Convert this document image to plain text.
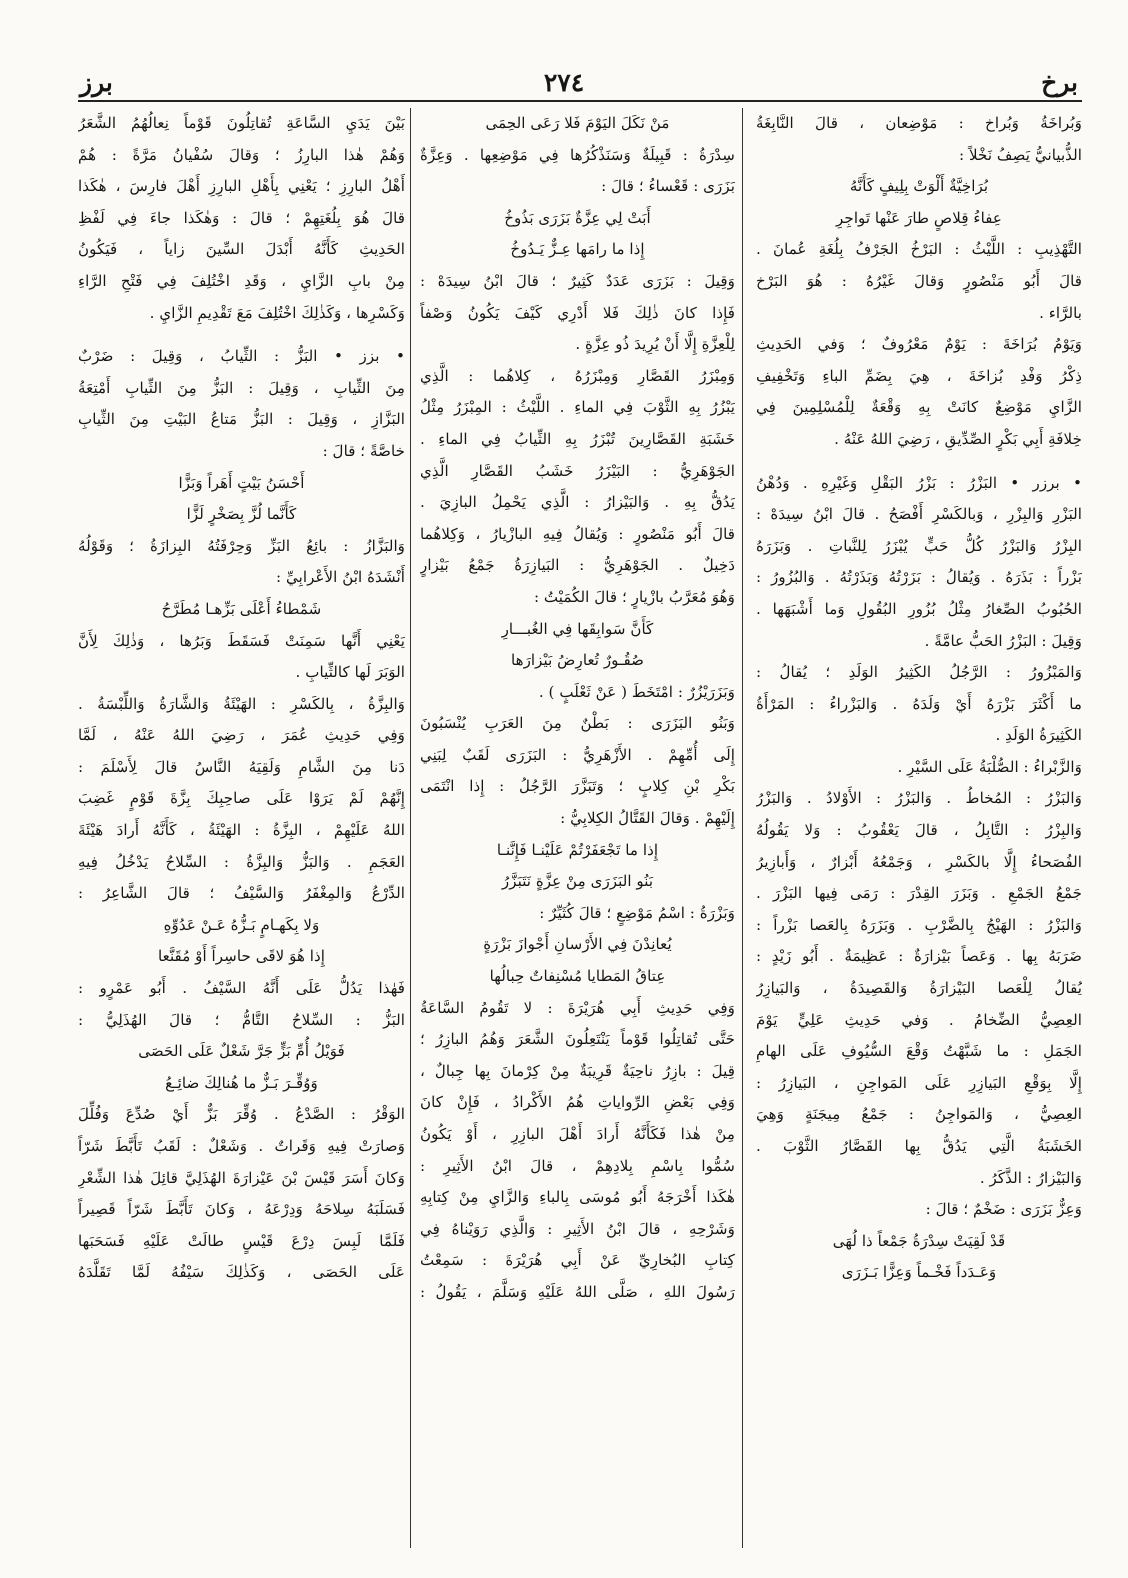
برخ
٢٧٤
برز
وَبُراخَةُ وَبُراخ : مَوْضِعان ، قالَ النَّابِغَةُ
الذُّبيانيُّ يَصِفُ نَخْلاً :
بُرَاخِيَّةٌ أَلْوَتْ بِلِيفٍ كَأَنَّهُ
عِفاءُ قِلاصٍ طارَ عَنْها تَواجِرِ
التَّهْذِيبِ : اللَّيْثُ : البَرْخُ الجَرْفُ بِلُغَةِ عُمانَ .
قالَ أَبُو مَنْصُورٍ وَقالَ غَيْرُهُ : هُوَ البَرْخ
بالرَّاء .
وَيَوْمُ بُرَاخَةَ : يَوْمٌ مَعْرُوفٌ ؛ وَفي الحَدِيثِ
ذِكْرُ وَفْدِ بُزاخَةَ ، هِيَ بِضَمِّ الباءِ وَتَخْفِيفِ
الزَّايِ مَوْضِعٌ كانَتْ بِهِ وَقْعَةٌ لِلْمُسْلِمِينَ فِي
خِلافَةِ أَبِي بَكْرٍ الصِّدِّيقِ ، رَضِيَ اللهُ عَنْهُ .
• برزر • البَزْرُ : بَزْرُ البَقْلِ وَغَيْرِهِ . وَدُهْنُ
البَزْرِ وَالبِزْرِ ، وَبالكَسْرِ أَفْصَحُ . قالَ ابْنُ سِيدَهْ :
البِزْرُ وَالبَزْرُ كُلُّ حَبٍّ يُبْزَرُ لِلنَّباتِ . وَبَزَرَهُ
بَزْراً : بَذَرَهُ . وَيُقالُ : بَزَرْتُهُ وَبَذَرْتُهُ . وَالبُزُورُ :
الحُبُوبُ الصِّغارُ مِثْلُ بُزُورِ البُقُولِ وَما أَشْبَهَها .
وَقِيلَ : البَزْرُ الحَبُّ عامَّةً .
وَالمَبْزُورُ : الرَّجُلُ الكَثِيرُ الوَلَدِ ؛ يُقالُ :
ما أَكْثَرَ بَزْرَهُ أَيْ وَلَدَهُ . وَالبَزْراءُ : المَرْأَةُ
الكَثِيرَةُ الوَلَدِ .
وَالزَّبْراءُ : الصُّلْبَةُ عَلَى السَّيْرِ .
وَالبَزْرُ : المُخاطُ . وَالبَزْرُ : الأَوْلادُ . وَالبَزْرُ
وَالبِزْرُ : التَّابِلُ ، قالَ يَعْقُوبُ : وَلا يَقُولُهُ
الفُصَحاءُ إِلَّا بالكَسْرِ ، وَجَمْعُهُ أَبْزارٌ ، وَأَبازِيرُ
جَمْعُ الجَمْعِ . وَبَزَرَ القِدْرَ : رَمَى فِيها البَزْرَ .
وَالبَزْرُ : الهَيْجُ بِالضَّرْبِ . وَبَزَرَهُ بِالعَصا بَزْراً :
ضَرَبَهُ بِها . وَعَصاً بَيْزارَةٌ : عَظِيمَةٌ . أَبُو زَيْدٍ :
يُقالُ لِلْعَصا البَيْزارَةُ وَالقَصِيدَةُ ، وَالبَيازِرُ
العِصِيُّ الضِّخامُ . وَفي حَدِيثِ عَلِيٍّ يَوْمَ
الجَمَلِ : ما شَبَّهْتُ وَقْعَ السُّيُوفِ عَلَى الهامِ
إِلَّا بِوَقْعِ البَيازِرِ عَلَى المَواجِنِ ، البَيازِرُ :
العِصِيُّ ، وَالمَواجِنُ : جَمْعُ مِيجَنَةٍ وَهِيَ
الخَشَبَةُ الَّتِي يَدُقُّ بِها القَصَّارُ الثَّوْبَ .
وَالبَيْزارُ : الذَّكَرُ .
وَعِزٌّ بَزَرَى : ضَخْمٌ ؛ قالَ :
قَدْ لَقِيَتْ سِدْرَةُ جَمْعاً ذا لُهَى
وَعَـدَداً فَخْـماً وَعِزًّا بَـزَرَى
مَنْ نَكَلَ اليَوْمَ فَلا رَعَى الحِمَى
سِدْرَةُ : قَبِيلَةٌ وَسَنَذْكُرُها فِي مَوْضِعِها . وَعِزَّةٌ
بَزَرَى : قَعْساءُ ؛ قالَ :
أَبَتْ لِي عِزَّةٌ بَزَرَى بَذُوخُ
إِذا ما رامَها عِـزٌّ يَـدُوخُ
وَقِيلَ : بَزَرَى عَدَدٌ كَثِيرٌ ؛ قالَ ابْنُ سِيدَهْ :
فَإِذا كانَ ذٰلِكَ فَلا أَدْرِي كَيْفَ يَكُونُ وَصْفاً
لِلْعِزَّةِ إِلَّا أَنْ يُرِيدَ ذُو عِزَّةٍ .
وَمِبْزَرُ القَصَّارِ وَمِبْزَرُهُ ، كِلاهُما : الَّذِي
يَبْزُرُ بِهِ الثَّوْبَ فِي الماءِ . اللَّيْثُ : المِبْزَرُ مِثْلُ
خَشَبَةِ القَصَّارِينَ تُبْزَرُ بِهِ الثِّيابُ فِي الماءِ .
الجَوْهَرِيُّ : البَيْزَرُ خَشَبُ القَصَّارِ الَّذِي
يَدُقُّ بِهِ . وَالبَيْزارُ : الَّذِي يَحْمِلُ البازِيَ .
قالَ أَبُو مَنْصُورٍ : وَيُقالُ فِيهِ البازْيارُ ، وَكِلاهُما
دَخِيلٌ . الجَوْهَرِيُّ : البَيازِرَةُ جَمْعُ بَيْزارٍ
وَهُوَ مُعَرَّبُ بازْيارٍ ؛ قالَ الكُمَيْتُ :
كَأَنَّ سَوابِقَها فِي الغُبـــارِ
صُقُـورٌ تُعارِضُ بَيْزارَها
وَبَزَرَيْزُرٌ : امْتَخَطَ ( عَنْ ثَعْلَبٍ ) .
وَبَنُو البَزَرَى : بَطْنٌ مِنَ العَرَبِ يُنْسَبُونَ
إِلَى أُمِّهِمْ . الأَزْهَرِيُّ : البَزَرَى لَقَبٌ لِبَنِي
بَكْرِ بْنِ كِلابٍ ؛ وَتَبَزَّرَ الرَّجُلُ : إِذا انْتَمَى
إِلَيْهِمْ . وَقالَ القَتَّالُ الكِلابِيُّ :
إِذا ما تَجْعَفَرْتُمْ عَلَيْنـا فَإِنَّنـا
بَنُو البَزَرَى مِنْ عِزَّةٍ نَتَبَزَّرُ
وَبَزْرَةُ : اسْمُ مَوْضِعٍ ؛ قالَ كُثَيِّرٌ :
يُعانِدْنَ فِي الأَرْسانِ أَجْوازَ بَزْرَةٍ
عِتاقُ المَطايا مُسْنِفاتٌ حِبالُها
وَفِي حَدِيثِ أَبِي هُرَيْرَةَ : لا تَقُومُ السَّاعَةُ
حَتَّى تُقاتِلُوا قَوْماً يَنْتَعِلُونَ الشَّعَرَ وَهُمُ البازِرُ ؛
قِيلَ : بازِرُ ناحِيَةٌ قَرِيبَةٌ مِنْ كِرْمانَ بِها جِبالٌ ،
وَفِي بَعْضِ الرِّواياتِ هُمُ الأَكْرادُ ، فَإِنْ كانَ
مِنْ هٰذا فَكَأَنَّهُ أَرادَ أَهْلَ البازِرِ ، أَوْ يَكُونُ
سُمُّوا بِاسْمِ بِلادِهِمْ ، قالَ ابْنُ الأَثِيرِ :
هٰكَذا أَخْرَجَهُ أَبُو مُوسَى بِالباءِ وَالزَّايِ مِنْ كِتابِهِ
وَشَرْحِهِ ، قالَ ابْنُ الأَثِيرِ : وَالَّذِي رَوَيْناهُ فِي
كِتابِ البُخارِيِّ عَنْ أَبِي هُرَيْرَةَ : سَمِعْتُ
رَسُولَ اللهِ ، صَلَّى اللهُ عَلَيْهِ وَسَلَّمَ ، يَقُولُ :
بَيْنَ يَدَيِ السَّاعَةِ تُقاتِلُونَ قَوْماً نِعالُهُمُ الشَّعَرُ
وَهُمْ هٰذا البارِزُ ؛ وَقالَ سُفْيانُ مَرَّةً : هُمْ
أَهْلُ البارِزِ ؛ يَعْنِي بِأَهْلِ البارِزِ أَهْلَ فارِسَ ، هٰكَذا
قالَ هُوَ بِلُغَتِهِمْ ؛ قالَ : وَهٰكَذا جاءَ فِي لَفْظِ
الحَدِيثِ كَأَنَّهُ أَبْدَلَ السِّينَ زاياً ، فَيَكُونُ
مِنْ بابِ الزَّايِ ، وَقَدِ اخْتُلِفَ فِي فَتْحِ الرَّاءِ
وَكَسْرِها ، وَكَذٰلِكَ اخْتُلِفَ مَعَ تَقْدِيمِ الزَّايِ .
• بزز • البَزُّ : الثِّيابُ ، وَقِيلَ : ضَرْبٌ
مِنَ الثِّيابِ ، وَقِيلَ : البَزُّ مِنَ الثِّيابِ أَمْتِعَةُ
البَزَّازِ ، وَقِيلَ : البَزُّ مَتاعُ البَيْتِ مِنَ الثِّيابِ
خاصَّةً ؛ قالَ :
أَحْسَنُ بَيْتٍ أَهَراً وَبَزًّا
كَأَنَّما لُزَّ بِصَخْرٍ لَزًّا
وَالبَزَّازُ : بائِعُ البَزِّ وَحِرْفَتُهُ البِزازَةُ ؛ وَقَوْلُهُ
أَنْشَدَهُ ابْنُ الأَعْرابِيِّ :
شَمْطاءُ أَعْلَى بَزِّهـا مُطَرَّحُ
يَعْنِي أَنَّها سَمِنَتْ فَسَقَطَ وَبَرُها ، وَذٰلِكَ لِأَنَّ
الوَبَرَ لَها كالثِّيابِ .
وَالبِزَّةُ ، بِالكَسْرِ : الهَيْئَةُ وَالشَّارَةُ وَاللِّبْسَةُ .
وَفِي حَدِيثِ عُمَرَ ، رَضِيَ اللهُ عَنْهُ ، لَمَّا
دَنا مِنَ الشَّامِ وَلَقِيَهُ النَّاسُ قالَ لِأَسْلَمَ :
إِنَّهُمْ لَمْ يَرَوْا عَلَى صاحِبِكَ بِزَّةَ قَوْمٍ غَضِبَ
اللهُ عَلَيْهِمْ ، البِزَّةُ : الهَيْئَةُ ، كَأَنَّهُ أَرادَ هَيْئَةَ
العَجَمِ . وَالبَزُّ وَالبِزَّةُ : السِّلاحُ يَدْخُلُ فِيهِ
الدِّرْعُ وَالمِغْفَرُ وَالسَّيْفُ ؛ قالَ الشَّاعِرُ :
وَلا بِكَهـامٍ بَـزُّهُ عَـنْ عَدُوِّهِ
إِذا هُوَ لاقَى حاسِراً أَوْ مُقَنَّعا
فَهٰذا يَدُلُّ عَلَى أَنَّهُ السَّيْفُ . أَبُو عَمْرٍو :
البَزُّ : السِّلاحُ التَّامُّ ؛ قالَ الهُذَلِيُّ :
فَوَيْلُ أُمِّ بَزٍّ جَرَّ شَعْلٌ عَلَى الحَصَى
وَوُقِّـرَ بَـزٌّ ما هُنالِكَ ضائِـعُ
الوَقْرُ : الصَّدْعُ . وُقِّرَ بَزٌّ أَيْ صُدِّعَ وَفُلِّلَ
وَصارَتْ فِيهِ وَقَراتٌ . وَشَعْلٌ : لَقَبُ تَأَبَّطَ شَرّاً
وَكانَ أَسَرَ قَيْسَ بْنَ عَيْزارَةَ الهُذَلِيَّ قائِلَ هٰذا الشِّعْرِ
فَسَلَبَهُ سِلاحَهُ وَدِرْعَهُ ، وَكانَ تَأَبَّطَ شَرّاً قَصِيراً
فَلَمَّا لَبِسَ دِرْعَ قَيْسٍ طالَتْ عَلَيْهِ فَسَحَبَها
عَلَى الحَصَى ، وَكَذٰلِكَ سَيْفُهُ لَمَّا تَقَلَّدَهُ
